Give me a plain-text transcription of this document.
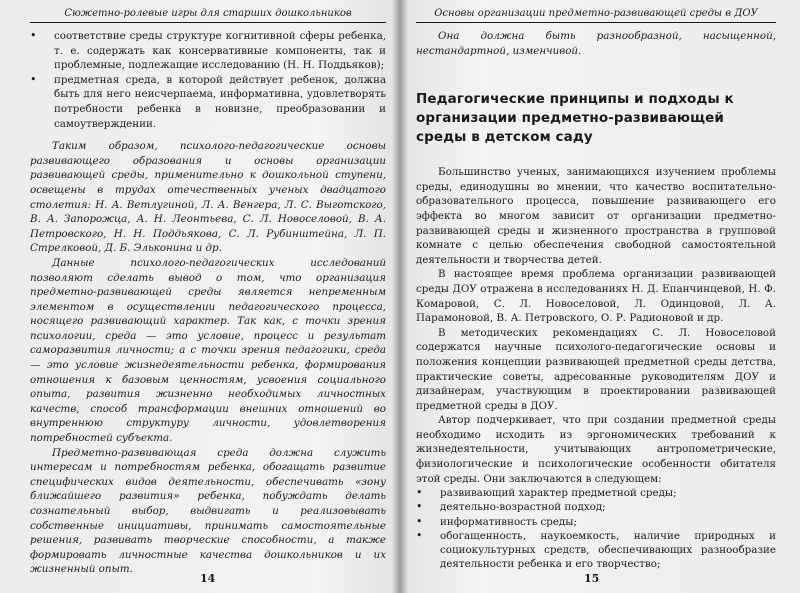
Сюжетно-ролевые игры для старших дошкольников
• соответствие среды структуре когнитивной сферы ребенка, т. е. содержать как консервативные компоненты, так и проблемные, подлежащие исследованию (Н. Н. Поддьяков);
• предметная среда, в которой действует ребенок, должна быть для него неисчерпаема, информативна, удовлетворять потребности ребенка в новизне, преобразовании и самоутверждении.

Таким образом, психолого-педагогические основы развивающего образования и основы организации развивающей среды, применительно к дошкольной ступени, освещены в трудах отечественных ученых двадцатого столетия: Н. А. Ветлугиной, Л. А. Венгера, Л. С. Выготского, В. А. Запорожца, А. Н. Леонтьева, С. Л. Новоселовой, В. А. Петровского, Н. Н. Поддьякова, С. Л. Рубинштейна, Л. П. Стрелковой, Д. Б. Эльконина и др.

Данные психолого-педагогических исследований позволяют сделать вывод о том, что организация предметно-развивающей среды является непременным элементом в осуществлении педагогического процесса, носящего развивающий характер. Так как, с точки зрения психологии, среда — это условие, процесс и результат саморазвития личности; а с точки зрения педагогики, среда — это условие жизнедеятельности ребенка, формирования отношения к базовым ценностям, усвоения социального опыта, развития жизненно необходимых личностных качеств, способ трансформации внешних отношений во внутреннюю структуру личности, удовлетворения потребностей субъекта.

Предметно-развивающая среда должна служить интересам и потребностям ребенка, обогащать развитие специфических видов деятельности, обеспечивать «зону ближайшего развития» ребенка, побуждать делать сознательный выбор, выдвигать и реализовывать собственные инициативы, принимать самостоятельные решения, развивать творческие способности, а также формировать личностные качества дошкольников и их жизненный опыт.

14
Основы организации предметно-развивающей среды в ДОУ

Она должна быть разнообразной, насыщенной, нестандартной, изменчивой.

Педагогические принципы и подходы к организации предметно-развивающей среды в детском саду

Большинство ученых, занимающихся изучением проблемы среды, единодушны во мнении, что качество воспитательно-образовательного процесса, повышение развивающего его эффекта во многом зависит от организации предметно-развивающей среды и жизненного пространства в групповой комнате с целью обеспечения свободной самостоятельной деятельности и творчества детей.

В настоящее время проблема организации развивающей среды ДОУ отражена в исследованиях Н. Д. Епанчинцевой, Н. Ф. Комаровой, С. Л. Новоселовой, Л. Одинцовой, Л. А. Парамоновой, В. А. Петровского, О. Р. Радионовой и др.

В методических рекомендациях С. Л. Новоселовой содержатся научные психолого-педагогические основы и положения концепции развивающей предметной среды детства, практические советы, адресованные руководителям ДОУ и дизайнерам, участвующим в проектировании развивающей предметной среды в ДОУ.

Автор подчеркивает, что при создании предметной среды необходимо исходить из эргономических требований к жизнедеятельности, учитывающих антропометрические, физиологические и психологические особенности обитателя этой среды. Они заключаются в следующем:

• развивающий характер предметной среды;
• деятельно-возрастной подход;
• информативность среды;
• обогащенность, наукоемкость, наличие природных и социокультурных средств, обеспечивающих разнообразие деятельности ребенка и его творчество;
15
